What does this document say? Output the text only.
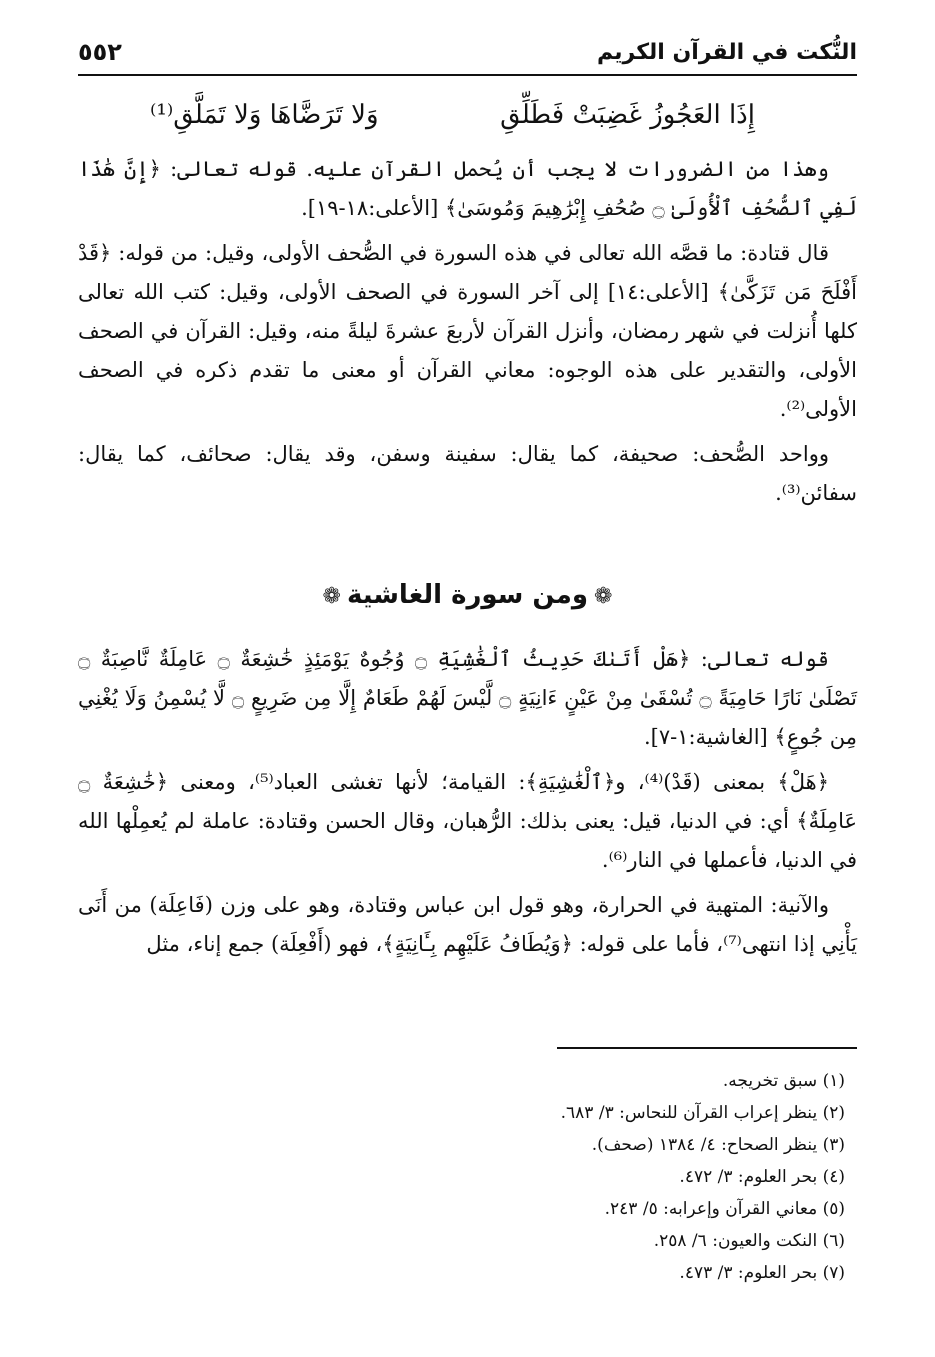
النُّكت في القرآن الكريم
٥٥٢
إِذَا العَجُوزُ غَضِبَتْ فَطَلِّقِ
وَلا تَرَضَّاهَا وَلا تَمَلَّقِ⁽¹⁾

وهذا من الضرورات لا يجب أن يُحمل القرآن عليه. قوله تعالى: ﴿إِنَّ هَٰذَا لَفِي ٱلصُّحُفِ ٱلْأُولَىٰ ۝ صُحُفِ إِبْرَٰهِيمَ وَمُوسَىٰ﴾ [الأعلى:١٨-١٩].

قال قتادة: ما قصَّه الله تعالى في هذه السورة في الصُّحف الأولى، وقيل: من قوله: ﴿قَدْ أَفْلَحَ مَن تَزَكَّىٰ﴾ [الأعلى:١٤] إلى آخر السورة في الصحف الأولى، وقيل: كتب الله تعالى كلها أُنزلت في شهر رمضان، وأنزل القرآن لأربعَ عشرةَ ليلةً منه، وقيل: القرآن في الصحف الأولى، والتقدير على هذه الوجوه: معاني القرآن أو معنى ما تقدم ذكره في الصحف الأولى⁽²⁾.

وواحد الصُّحف: صحيفة، كما يقال: سفينة وسفن، وقد يقال: صحائف، كما يقال: سفائن⁽³⁾.

❁ومن سورة الغاشية❁

قوله تعالى: ﴿هَلْ أَتَىٰكَ حَدِيثُ ٱلْغَٰشِيَةِ ۝ وُجُوهٌ يَوْمَئِذٍ خَٰشِعَةٌ ۝ عَامِلَةٌ نَّاصِبَةٌ ۝ تَصْلَىٰ نَارًا حَامِيَةً ۝ تُسْقَىٰ مِنْ عَيْنٍ ءَانِيَةٍ ۝ لَّيْسَ لَهُمْ طَعَامٌ إِلَّا مِن ضَرِيعٍ ۝ لَّا يُسْمِنُ وَلَا يُغْنِي مِن جُوعٍ﴾ [الغاشية:١-٧].

﴿هَلْ﴾ بمعنى (قَدْ)⁽⁴⁾، و﴿ٱلْغَٰشِيَةِ﴾: القيامة؛ لأنها تغشى العباد⁽⁵⁾، ومعنى ﴿خَٰشِعَةٌ ۝ عَامِلَةٌ﴾ أي: في الدنيا، قيل: يعنى بذلك: الرُّهبان، وقال الحسن وقتادة: عاملة لم يُعمِلْها الله في الدنيا، فأعملها في النار⁽⁶⁾.

والآنية: المتهية في الحرارة، وهو قول ابن عباس وقتادة، وهو على وزن (فَاعِلَة) من أَنَى يَأْنِي إذا انتهى⁽⁷⁾، فأما على قوله: ﴿وَيُطَافُ عَلَيْهِم بِـَٔانِيَةٍ﴾، فهو (أَفْعِلَة) جمع إناء، مثل

(١) سبق تخريجه.
(٢) ينظر إعراب القرآن للنحاس: ٣/ ٦٨٣.
(٣) ينظر الصحاح: ٤/ ١٣٨٤ (صحف).
(٤) بحر العلوم: ٣/ ٤٧٢.
(٥) معاني القرآن وإعرابه: ٥/ ٢٤٣.
(٦) النكت والعيون: ٦/ ٢٥٨.
(٧) بحر العلوم: ٣/ ٤٧٣.
